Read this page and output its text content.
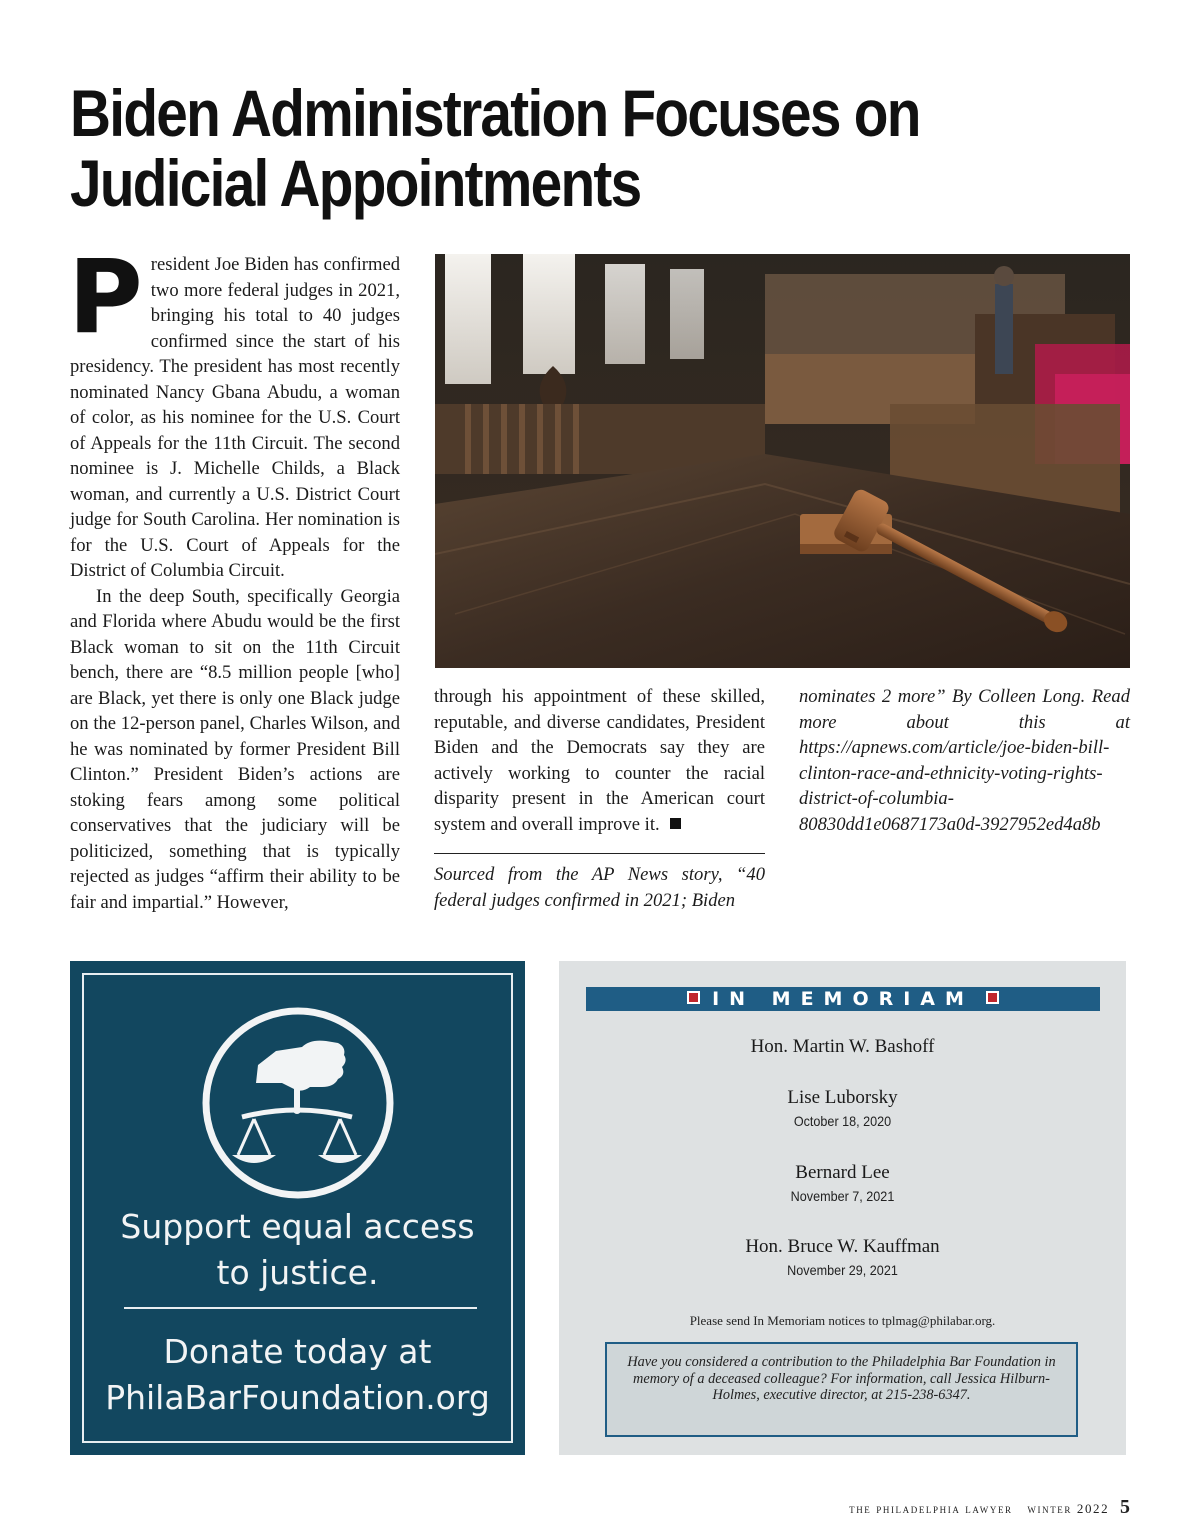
Biden Administration Focuses on
Judicial Appointments

President Joe Biden has confirmed two more federal judges in 2021, bringing his total to 40 judges confirmed since the start of his presidency. The president has most recently nominated Nancy Gbana Abudu, a woman of color, as his nominee for the U.S. Court of Appeals for the 11th Circuit. The second nominee is J. Michelle Childs, a Black woman, and currently a U.S. District Court judge for South Carolina. Her nomination is for the U.S. Court of Appeals for the District of Columbia Circuit.

In the deep South, specifically Georgia and Florida where Abudu would be the first Black woman to sit on the 11th Circuit bench, there are “8.5 million people [who] are Black, yet there is only one Black judge on the 12-person panel, Charles Wilson, and he was nominated by former President Bill Clinton.” President Biden’s actions are stoking fears among some political conservatives that the judiciary will be politicized, something that is typically rejected as judges “affirm their ability to be fair and impartial.” However,

through his appointment of these skilled, reputable, and diverse candidates, President Biden and the Democrats say they are actively working to counter the racial disparity present in the American court system and overall improve it.

Sourced from the AP News story, “40 federal judges confirmed in 2021; Biden

nominates 2 more” By Colleen Long. Read more about this at https://apnews.com/article/joe-biden-bill-clinton-race-and-ethnicity-voting-rights-district-of-columbia-80830dd1e0687173a0d-3927952ed4a8b

Support equal access
to justice.
Donate today at
PhilaBarFoundation.org
IN MEMORIAM
Hon. Martin W. Bashoff
Lise Luborsky
October 18, 2020
Bernard Lee
November 7, 2021
Hon. Bruce W. Kauffman
November 29, 2021
Please send In Memoriam notices to tplmag@philabar.org.
Have you considered a contribution to the Philadelphia Bar Foundation in memory of a deceased colleague? For information, call Jessica Hilburn-Holmes, executive director, at 215-238-6347.
the philadelphia lawyer winter 2022 5
